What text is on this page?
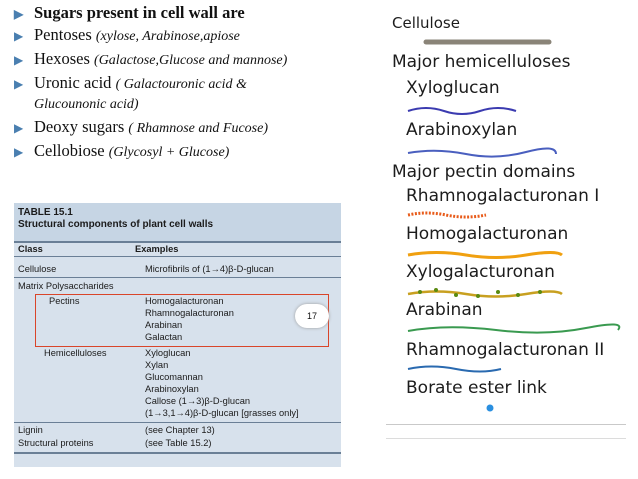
▶ Sugars present in cell wall are
▶ Pentoses (xylose, Arabinose,apiose
▶ Hexoses (Galactose,Glucose and mannose)
▶ Uronic acid ( Galactouronic acid & Glucounonic acid)
▶ Deoxy sugars ( Rhamnose and Fucose)
▶ Cellobiose (Glycosyl + Glucose)
TABLE 15.1
Structural components of plant cell walls
Class	Examples
Cellulose	Microfibrils of (1→4)β-D-glucan
Matrix Polysaccharides
Pectins	Homogalacturonan
Rhamnogalacturonan
Arabinan
Galactan
Hemicelluloses	Xyloglucan
Xylan
Glucomannan
Arabinoxylan
Callose (1→3)β-D-glucan
(1→3,1→4)β-D-glucan [grasses only]
Lignin	(see Chapter 13)
Structural proteins	(see Table 15.2)
17
Cellulose
Major hemicelluloses
Xyloglucan
Arabinoxylan
Major pectin domains
Rhamnogalacturonan I
Homogalacturonan
Xylogalacturonan
Arabinan
Rhamnogalacturonan II
Borate ester link
